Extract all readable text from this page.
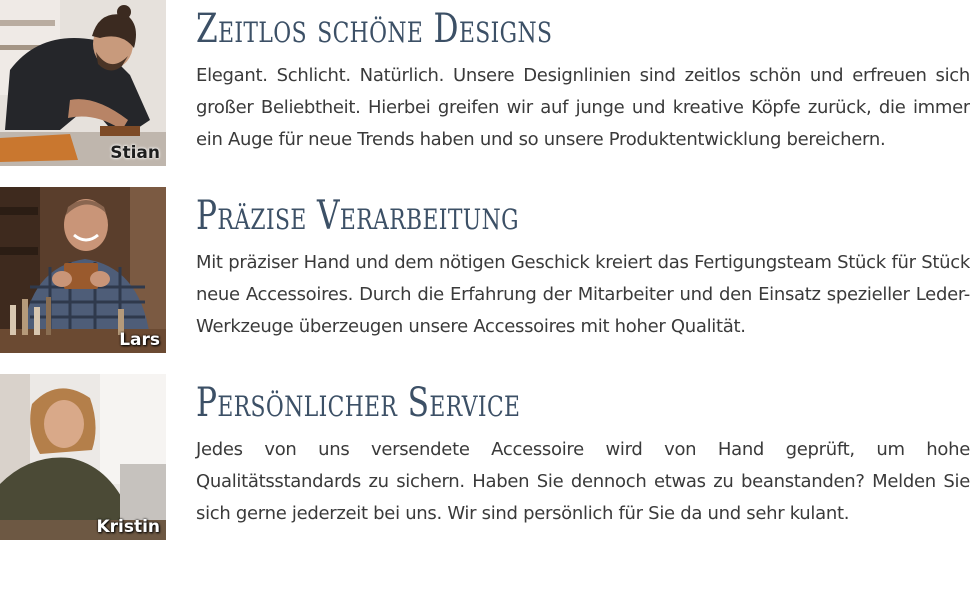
Stian
Zeitlos schöne Designs

Elegant. Schlicht. Natürlich. Unsere Designlinien sind zeitlos schön und erfreuen sich großer Beliebtheit. Hierbei greifen wir auf junge und kreative Köpfe zurück, die immer ein Auge für neue Trends haben und so unsere Produktentwicklung bereichern.

Lars
Präzise Verarbeitung

Mit präziser Hand und dem nötigen Geschick kreiert das Fertigungsteam Stück für Stück neue Accessoires. Durch die Erfahrung der Mitarbeiter und den Einsatz spezieller Leder-Werkzeuge überzeugen unsere Accessoires mit hoher Qualität.

Kristin
Persönlicher Service

Jedes von uns versendete Accessoire wird von Hand geprüft, um hohe Qualitätsstandards zu sichern. Haben Sie dennoch etwas zu beanstanden? Melden Sie sich gerne jederzeit bei uns. Wir sind persönlich für Sie da und sehr kulant.
